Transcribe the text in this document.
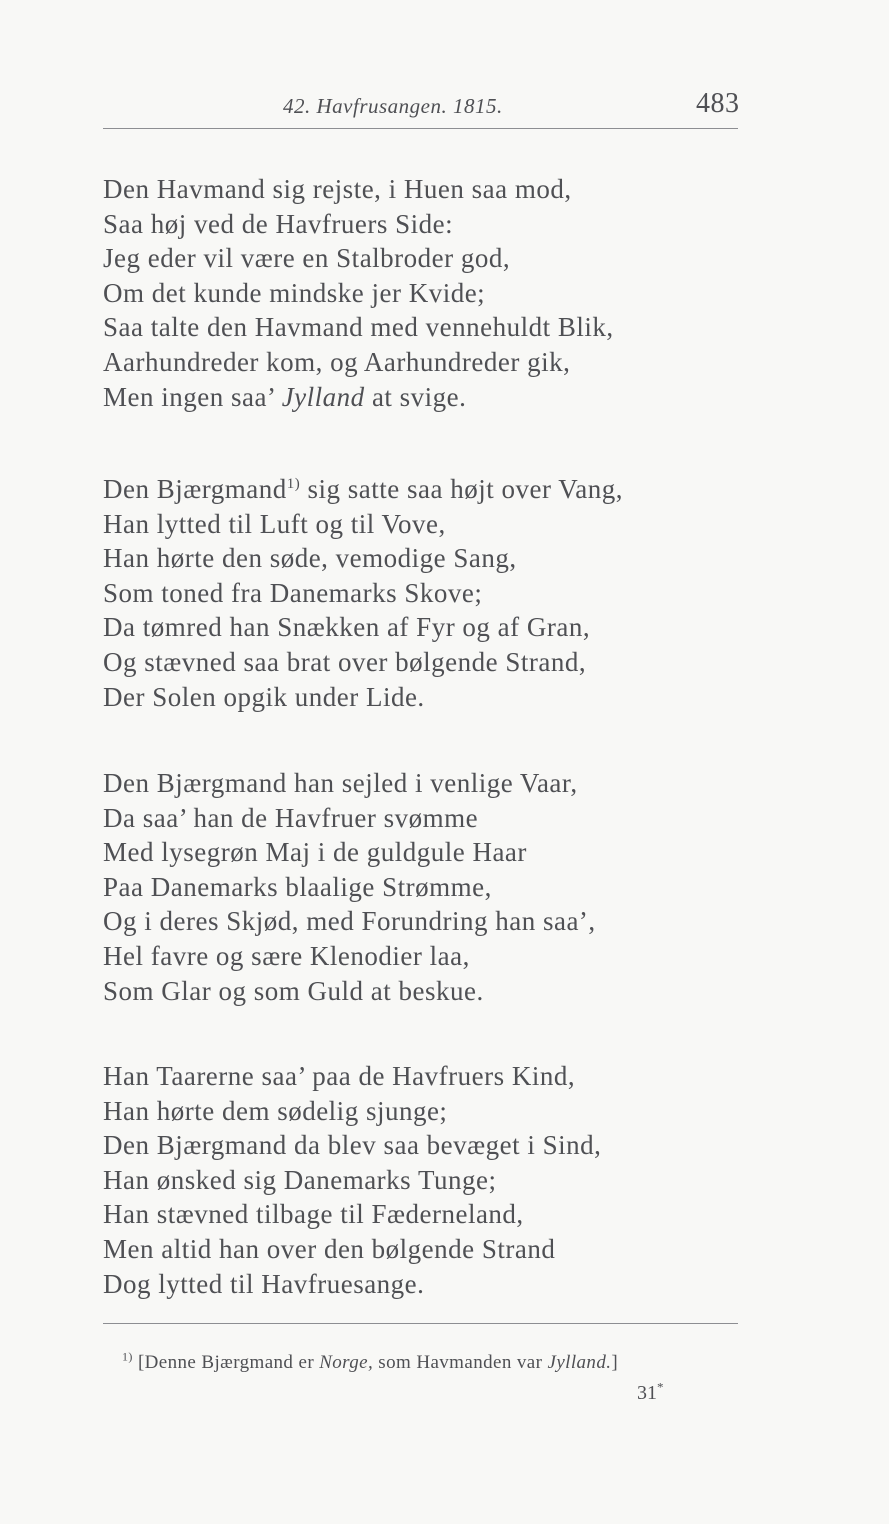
42. Havfrusangen. 1815.	483
Den Havmand sig rejste, i Huen saa mod,
Saa høj ved de Havfruers Side:
Jeg eder vil være en Stalbroder god,
Om det kunde mindske jer Kvide;
Saa talte den Havmand med vennehuldt Blik,
Aarhundreder kom, og Aarhundreder gik,
Men ingen saa’ Jylland at svige.
Den Bjærgmand$^{1)}$ sig satte saa højt over Vang,
Han lytted til Luft og til Vove,
Han hørte den søde, vemodige Sang,
Som toned fra Danemarks Skove;
Da tømred han Snækken af Fyr og af Gran,
Og stævned saa brat over bølgende Strand,
Der Solen opgik under Lide.
Den Bjærgmand han sejled i venlige Vaar,
Da saa’ han de Havfruer svømme
Med lysegrøn Maj i de guldgule Haar
Paa Danemarks blaalige Strømme,
Og i deres Skjød, med Forundring han saa’,
Hel favre og sære Klenodier laa,
Som Glar og som Guld at beskue.
Han Taarerne saa’ paa de Havfruers Kind,
Han hørte dem sødelig sjunge;
Den Bjærgmand da blev saa bevæget i Sind,
Han ønsked sig Danemarks Tunge;
Han stævned tilbage til Fæderneland,
Men altid han over den bølgende Strand
Dog lytted til Havfruesange.
$^{1)}$ [Denne Bjærgmand er Norge, som Havmanden var Jylland.]
31*
